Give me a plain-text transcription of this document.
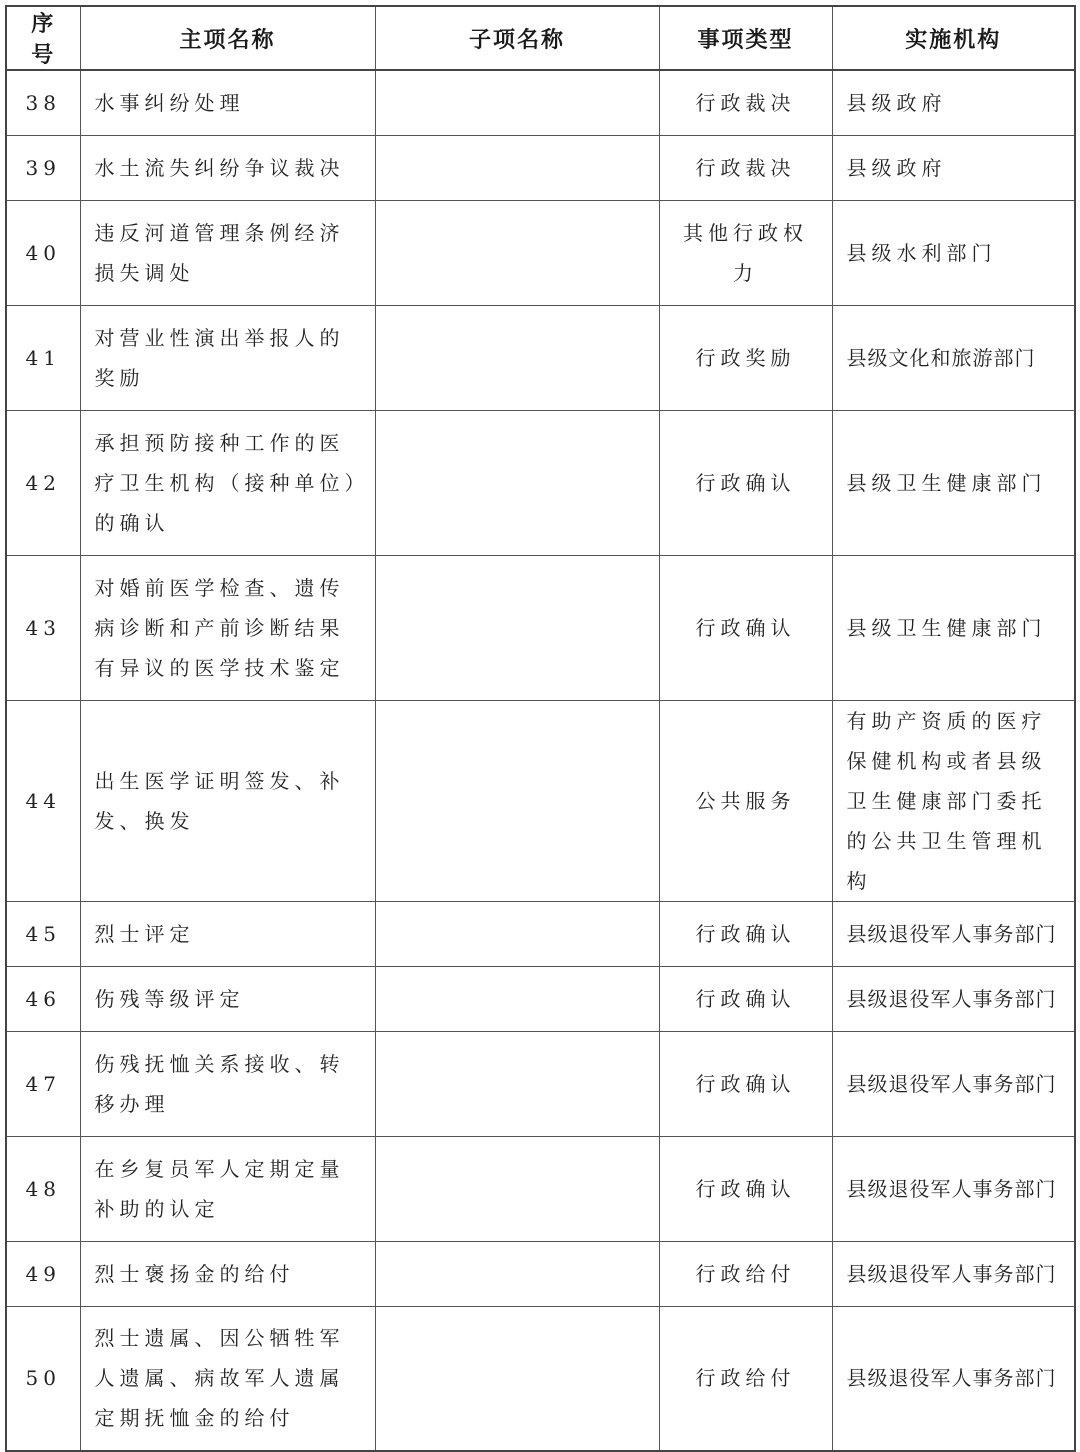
序号	主项名称	子项名称	事项类型	实施机构
38	水事纠纷处理		行政裁决	县级政府
39	水土流失纠纷争议裁决		行政裁决	县级政府
40	违反河道管理条例经济损失调处		其他行政权力	县级水利部门
41	对营业性演出举报人的奖励		行政奖励	县级文化和旅游部门
42	承担预防接种工作的医疗卫生机构（接种单位）的确认		行政确认	县级卫生健康部门
43	对婚前医学检查、遗传病诊断和产前诊断结果有异议的医学技术鉴定		行政确认	县级卫生健康部门
44	出生医学证明签发、补发、换发		公共服务	有助产资质的医疗保健机构或者县级卫生健康部门委托的公共卫生管理机构
45	烈士评定		行政确认	县级退役军人事务部门
46	伤残等级评定		行政确认	县级退役军人事务部门
47	伤残抚恤关系接收、转移办理		行政确认	县级退役军人事务部门
48	在乡复员军人定期定量补助的认定		行政确认	县级退役军人事务部门
49	烈士褒扬金的给付		行政给付	县级退役军人事务部门
50	烈士遗属、因公牺牲军人遗属、病故军人遗属定期抚恤金的给付		行政给付	县级退役军人事务部门
